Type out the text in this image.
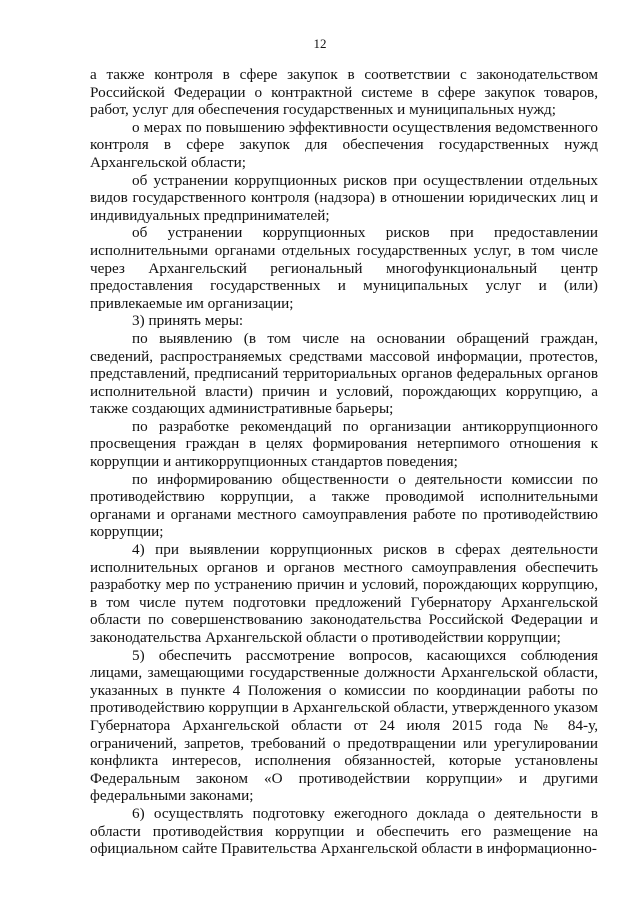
12

а также контроля в сфере закупок в соответствии с законодательством Российской Федерации о контрактной системе в сфере закупок товаров, работ, услуг для обеспечения государственных и муниципальных нужд;

о мерах по повышению эффективности осуществления ведомственного контроля в сфере закупок для обеспечения государственных нужд Архангельской области;

об устранении коррупционных рисков при осуществлении отдельных видов государственного контроля (надзора) в отношении юридических лиц и индивидуальных предпринимателей;

об устранении коррупционных рисков при предоставлении исполнительными органами отдельных государственных услуг, в том числе через Архангельский региональный многофункциональный центр предоставления государственных и муниципальных услуг и (или) привлекаемые им организации;

3) принять меры:

по выявлению (в том числе на основании обращений граждан, сведений, распространяемых средствами массовой информации, протестов, представлений, предписаний территориальных органов федеральных органов исполнительной власти) причин и условий, порождающих коррупцию, а также создающих административные барьеры;

по разработке рекомендаций по организации антикоррупционного просвещения граждан в целях формирования нетерпимого отношения к коррупции и антикоррупционных стандартов поведения;

по информированию общественности о деятельности комиссии по противодействию коррупции, а также проводимой исполнительными органами и органами местного самоуправления работе по противодействию коррупции;

4) при выявлении коррупционных рисков в сферах деятельности исполнительных органов и органов местного самоуправления обеспечить разработку мер по устранению причин и условий, порождающих коррупцию, в том числе путем подготовки предложений Губернатору Архангельской области по совершенствованию законодательства Российской Федерации и законодательства Архангельской области о противодействии коррупции;

5) обеспечить рассмотрение вопросов, касающихся соблюдения лицами, замещающими государственные должности Архангельской области, указанных в пункте 4 Положения о комиссии по координации работы по противодействию коррупции в Архангельской области, утвержденного указом Губернатора Архангельской области от 24 июля 2015 года № 84-у, ограничений, запретов, требований о предотвращении или урегулировании конфликта интересов, исполнения обязанностей, которые установлены Федеральным законом «О противодействии коррупции» и другими федеральными законами;

6) осуществлять подготовку ежегодного доклада о деятельности в области противодействия коррупции и обеспечить его размещение на официальном сайте Правительства Архангельской области в информационно-
